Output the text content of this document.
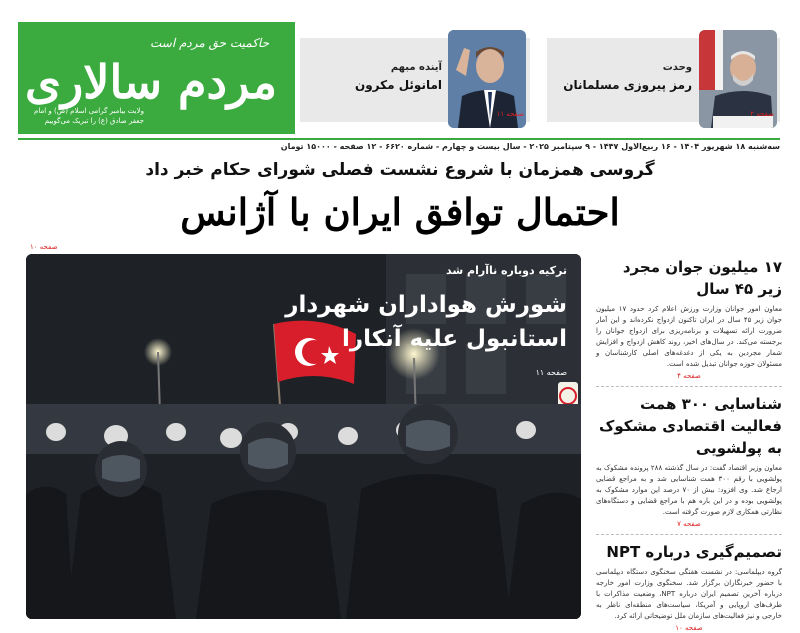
حاکمیت حق مردم است
مردم سالاری
ولایت بیامبر گرامی اسلام (ص) و امام جعفر صادق (ع) را تبریک می‌گوییم
آینده مبهم
امانوئل مکرون
صفحه ۱۱
وحدت
رمز پیروزی مسلمانان
صفحه ۲
سه‌شنبه ۱۸ شهریور ۱۴۰۴ - ۱۶ ربیع‌الاول ۱۴۴۷ - ۹ سپتامبر ۲۰۲۵ - سال بیست و چهارم - شماره ۶۶۲۰ - ۱۲ صفحه - ۱۵۰۰۰ تومان
گروسی همزمان با شروع نشست فصلی شورای حکام خبر داد
احتمال توافق ایران با آژانس
صفحه ۱۰
ترکیه دوباره ناآرام شد
شورش هواداران شهردار استانبول علیه آنکارا
صفحه ۱۱
۱۷ میلیون جوان مجرد زیر ۴۵ سال
معاون امور جوانان وزارت ورزش اعلام کرد حدود ۱۷ میلیون جوان زیر ۴۵ سال در ایران تاکنون ازدواج نکرده‌اند و این آمار ضرورت ارائه تسهیلات و برنامه‌ریزی برای ازدواج جوانان را برجسته می‌کند. در سال‌های اخیر، روند کاهش ازدواج و افزایش شمار مجردین به یکی از دغدغه‌های اصلی کارشناسان و مسئولان حوزه جوانان تبدیل شده است.
صفحه ۴
شناسایی ۳۰۰ همت فعالیت اقتصادی مشکوک به پولشویی
معاون وزیر اقتصاد گفت: در سال گذشته ۲۸۸ پرونده مشکوک به پولشویی با رقم ۳۰۰ همت شناسایی شد و به مراجع قضایی ارجاع شد. وی افزود: بیش از ۷۰ درصد این موارد مشکوک به پولشویی بوده و در این باره هم با مراجع قضایی و دستگاه‌های نظارتی همکاری لازم صورت گرفته است.
صفحه ۷
تصمیم‌گیری درباره NPT
گروه دیپلماسی: در نشست هفتگی سخنگوی دستگاه دیپلماسی با حضور خبرنگاران برگزار شد. سخنگوی وزارت امور خارجه درباره آخرین تصمیم ایران درباره NPT، وضعیت مذاکرات با طرف‌های اروپایی و آمریکا، سیاست‌های منطقه‌ای ناظر به خارجی و نیز فعالیت‌های سازمان ملل توضیحاتی ارائه کرد.
صفحه ۱۰
